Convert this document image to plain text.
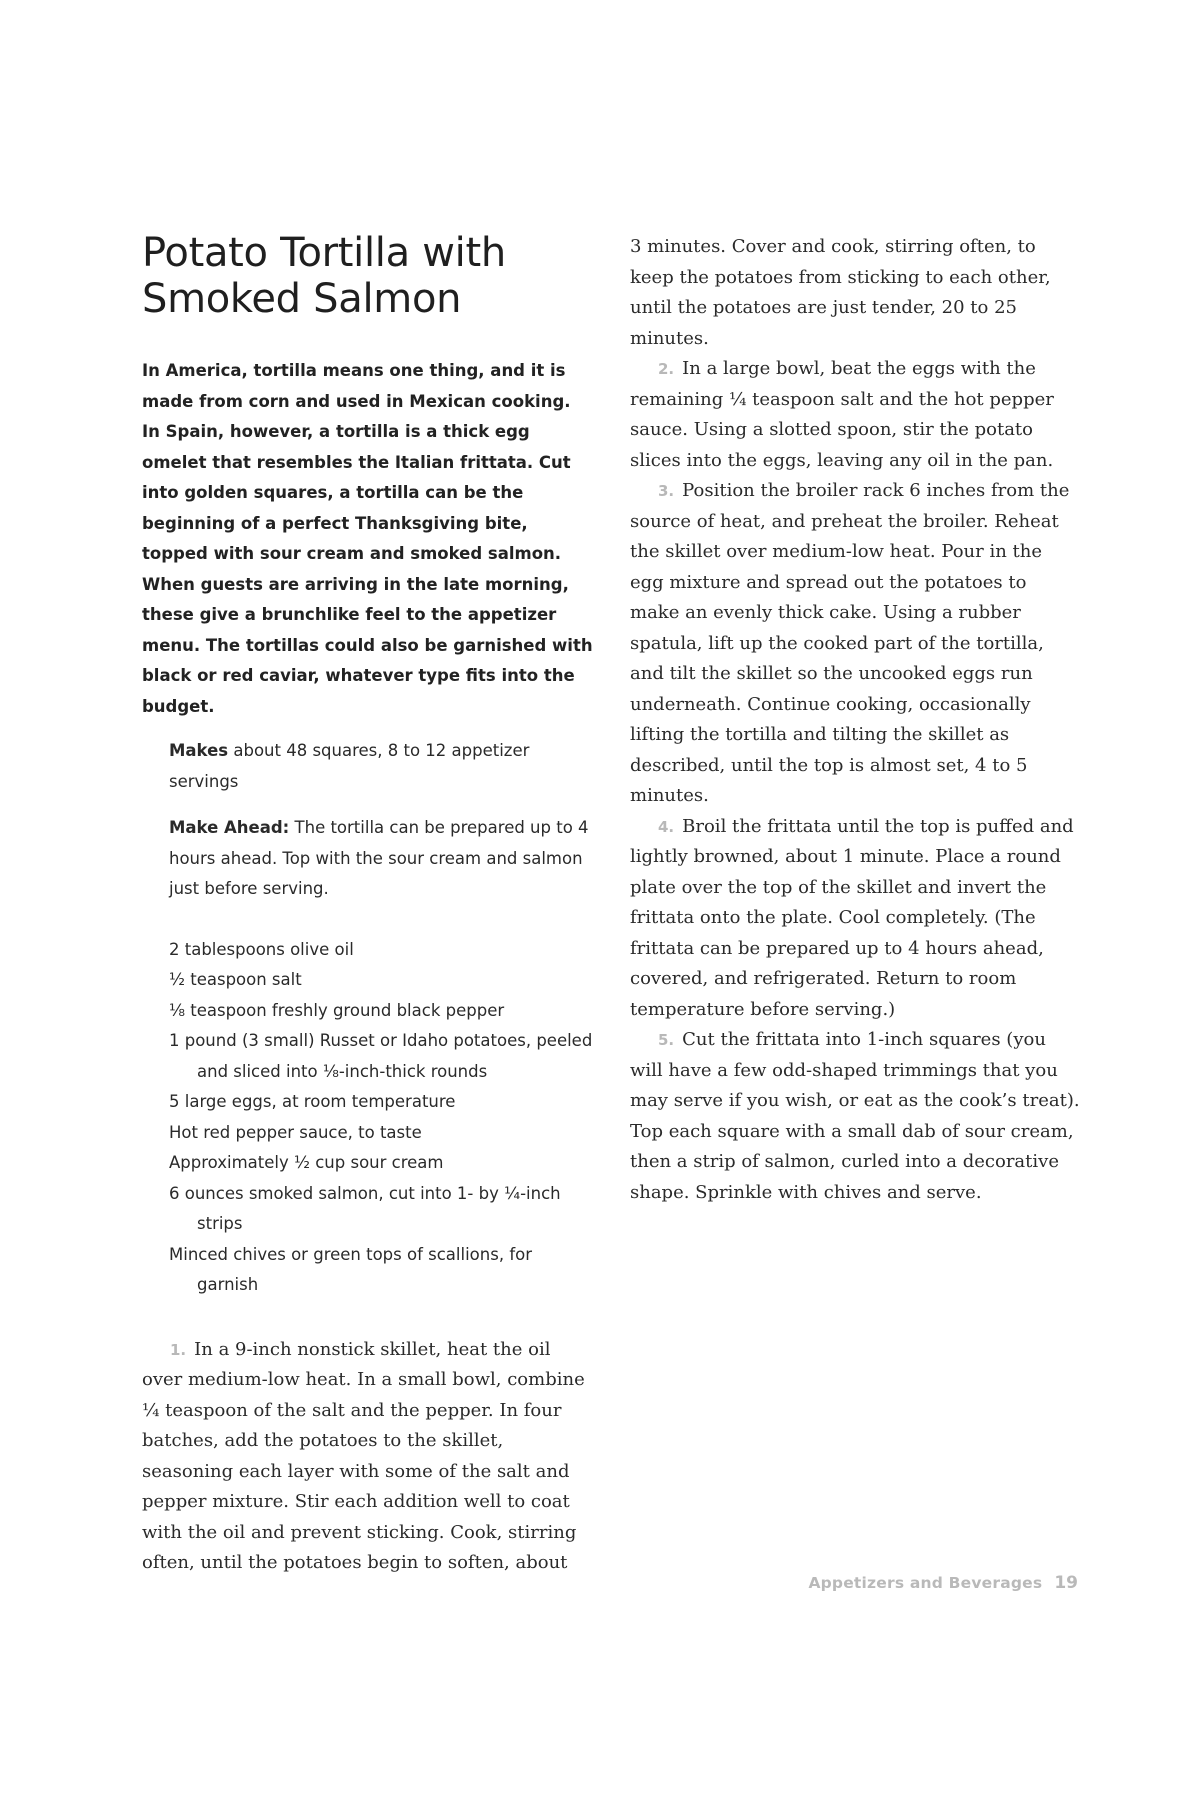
Potato Tortilla with Smoked Salmon

In America, tortilla means one thing, and it is made from corn and used in Mexican cooking. In Spain, however, a tortilla is a thick egg omelet that resembles the Italian frittata. Cut into golden squares, a tortilla can be the beginning of a perfect Thanksgiving bite, topped with sour cream and smoked salmon. When guests are arriving in the late morning, these give a brunchlike feel to the appetizer menu. The tortillas could also be garnished with black or red caviar, whatever type fits into the budget.

Makes about 48 squares, 8 to 12 appetizer servings

Make Ahead: The tortilla can be prepared up to 4 hours ahead. Top with the sour cream and salmon just before serving.

2 tablespoons olive oil
½ teaspoon salt
⅛ teaspoon freshly ground black pepper
1 pound (3 small) Russet or Idaho potatoes, peeled and sliced into ⅛-inch-thick rounds
5 large eggs, at room temperature
Hot red pepper sauce, to taste
Approximately ½ cup sour cream
6 ounces smoked salmon, cut into 1- by ¼-inch strips
Minced chives or green tops of scallions, for garnish

1. In a 9-inch nonstick skillet, heat the oil over medium-low heat. In a small bowl, combine ¼ teaspoon of the salt and the pepper. In four batches, add the potatoes to the skillet, seasoning each layer with some of the salt and pepper mixture. Stir each addition well to coat with the oil and prevent sticking. Cook, stirring often, until the potatoes begin to soften, about

3 minutes. Cover and cook, stirring often, to keep the potatoes from sticking to each other, until the potatoes are just tender, 20 to 25 minutes.

2. In a large bowl, beat the eggs with the remaining ¼ teaspoon salt and the hot pepper sauce. Using a slotted spoon, stir the potato slices into the eggs, leaving any oil in the pan.

3. Position the broiler rack 6 inches from the source of heat, and preheat the broiler. Reheat the skillet over medium-low heat. Pour in the egg mixture and spread out the potatoes to make an evenly thick cake. Using a rubber spatula, lift up the cooked part of the tortilla, and tilt the skillet so the uncooked eggs run underneath. Continue cooking, occasionally lifting the tortilla and tilting the skillet as described, until the top is almost set, 4 to 5 minutes.

4. Broil the frittata until the top is puffed and lightly browned, about 1 minute. Place a round plate over the top of the skillet and invert the frittata onto the plate. Cool completely. (The frittata can be prepared up to 4 hours ahead, covered, and refrigerated. Return to room temperature before serving.)

5. Cut the frittata into 1-inch squares (you will have a few odd-shaped trimmings that you may serve if you wish, or eat as the cook’s treat). Top each square with a small dab of sour cream, then a strip of salmon, curled into a decorative shape. Sprinkle with chives and serve.

Appetizers and Beverages 19
